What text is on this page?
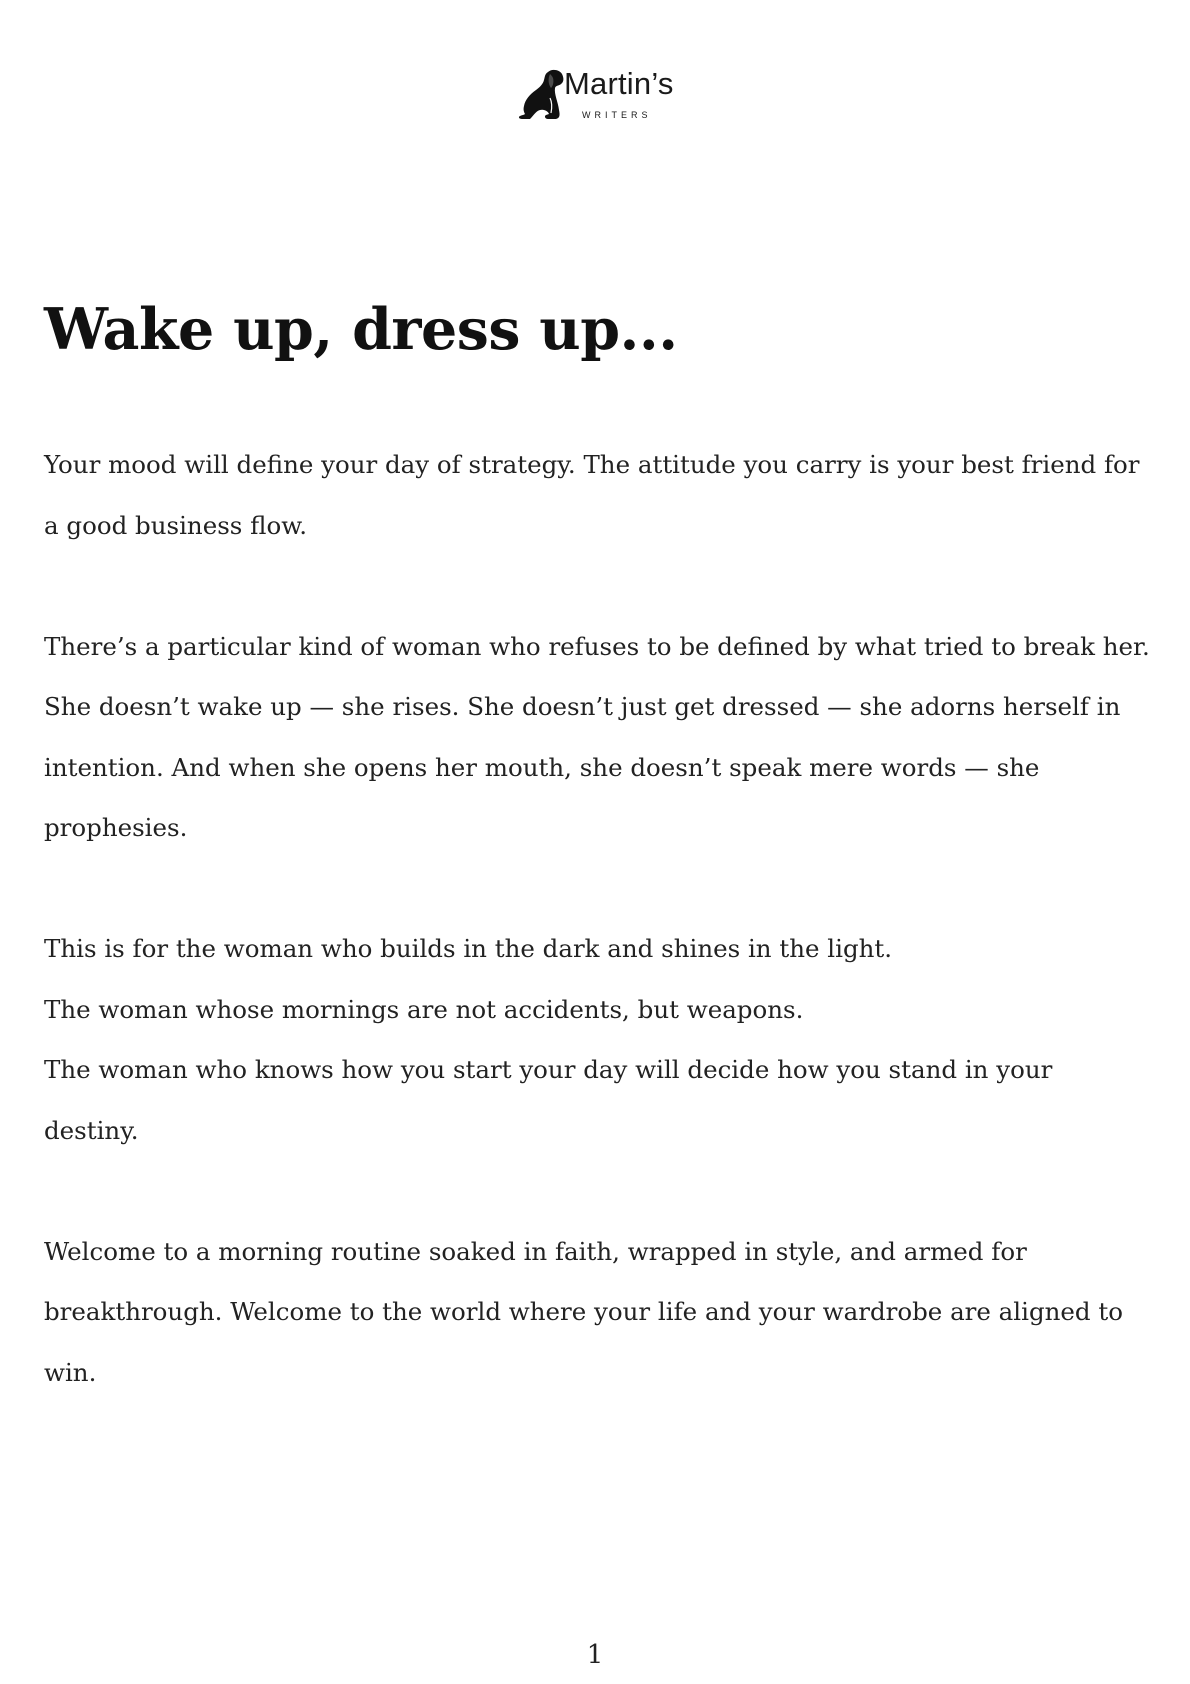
Martin’s
WRITERS
Wake up, dress up...

Your mood will define your day of strategy. The attitude you carry is your best friend for a good business flow.

There’s a particular kind of woman who refuses to be defined by what tried to break her. She doesn’t wake up — she rises. She doesn’t just get dressed — she adorns herself in intention. And when she opens her mouth, she doesn’t speak mere words — she prophesies.

This is for the woman who builds in the dark and shines in the light.

The woman whose mornings are not accidents, but weapons.

The woman who knows how you start your day will decide how you stand in your destiny.

Welcome to a morning routine soaked in faith, wrapped in style, and armed for breakthrough. Welcome to the world where your life and your wardrobe are aligned to win.

1
